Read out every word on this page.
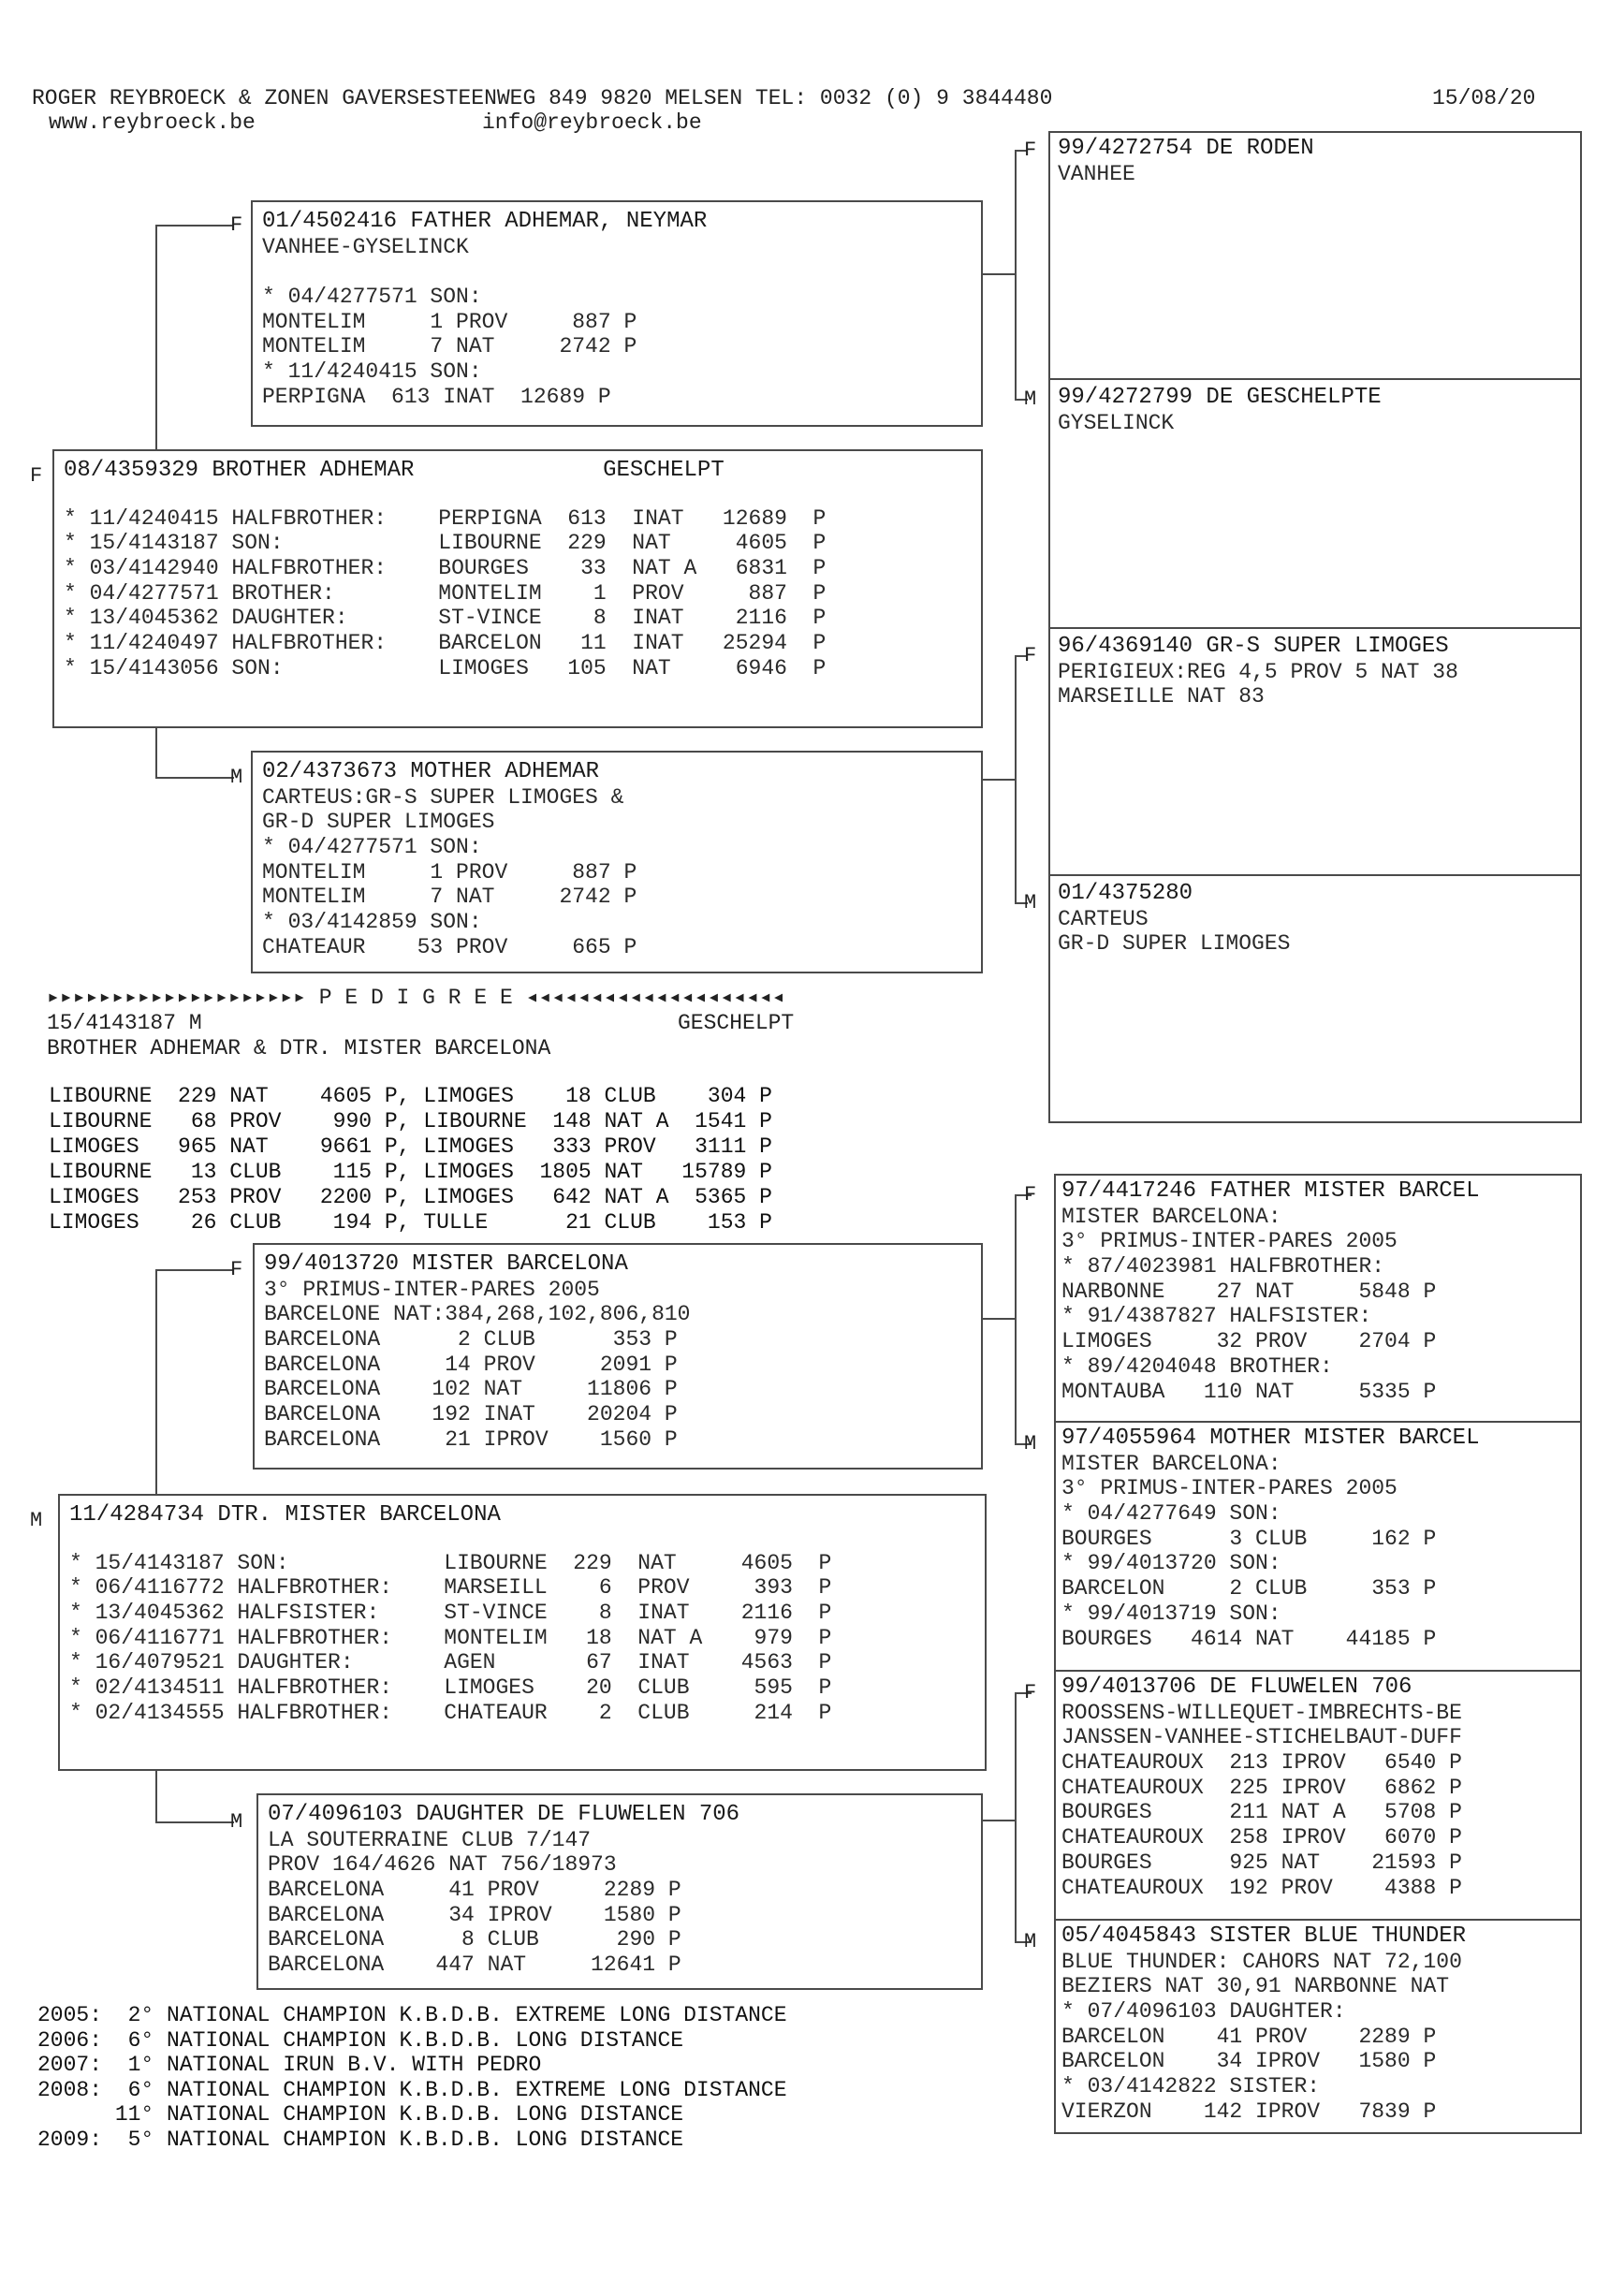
ROGER REYBROECK & ZONEN GAVERSESTEENWEG 849 9820 MELSEN TEL: 0032 (0) 9 3844480	15/08/20
www.reybroeck.be	info@reybroeck.be
F
M
F
F
M
F
M
F
M
M
F
M
F
M
01/4502416 FATHER ADHEMAR, NEYMAR
VANHEE-GYSELINCK

* 04/4277571 SON:
MONTELIM     1 PROV     887 P
MONTELIM     7 NAT     2742 P
* 11/4240415 SON:
PERPIGNA  613 INAT  12689 P
08/4359329 BROTHER ADHEMAR              GESCHELPT
* 11/4240415 HALFBROTHER:    PERPIGNA  613  INAT   12689  P
* 15/4143187 SON:            LIBOURNE  229  NAT     4605  P
* 03/4142940 HALFBROTHER:    BOURGES    33  NAT A   6831  P
* 04/4277571 BROTHER:        MONTELIM    1  PROV     887  P
* 13/4045362 DAUGHTER:       ST-VINCE    8  INAT    2116  P
* 11/4240497 HALFBROTHER:    BARCELON   11  INAT   25294  P
* 15/4143056 SON:            LIMOGES   105  NAT     6946  P
02/4373673 MOTHER ADHEMAR
CARTEUS:GR-S SUPER LIMOGES &
GR-D SUPER LIMOGES
* 04/4277571 SON:
MONTELIM     1 PROV     887 P
MONTELIM     7 NAT     2742 P
* 03/4142859 SON:
CHATEAUR    53 PROV     665 P
99/4272754 DE RODEN
VANHEE
99/4272799 DE GESCHELPTE
GYSELINCK
96/4369140 GR-S SUPER LIMOGES
PERIGIEUX:REG 4,5 PROV 5 NAT 38
MARSEILLE NAT 83
01/4375280
CARTEUS
GR-D SUPER LIMOGES
▸▸▸▸▸▸▸▸▸▸▸▸▸▸▸▸▸▸▸▸ P E D I G R E E ◂◂◂◂◂◂◂◂◂◂◂◂◂◂◂◂◂◂◂◂
15/4143187 M	GESCHELPT
BROTHER ADHEMAR & DTR. MISTER BARCELONA
LIBOURNE  229 NAT    4605 P, LIMOGES    18 CLUB    304 P
LIBOURNE   68 PROV    990 P, LIBOURNE  148 NAT A  1541 P
LIMOGES   965 NAT    9661 P, LIMOGES   333 PROV   3111 P
LIBOURNE   13 CLUB    115 P, LIMOGES  1805 NAT   15789 P
LIMOGES   253 PROV   2200 P, LIMOGES   642 NAT A  5365 P
LIMOGES    26 CLUB    194 P, TULLE      21 CLUB    153 P
99/4013720 MISTER BARCELONA
3° PRIMUS-INTER-PARES 2005
BARCELONE NAT:384,268,102,806,810
BARCELONA      2 CLUB      353 P
BARCELONA     14 PROV     2091 P
BARCELONA    102 NAT     11806 P
BARCELONA    192 INAT    20204 P
BARCELONA     21 IPROV    1560 P
11/4284734 DTR. MISTER BARCELONA
* 15/4143187 SON:            LIBOURNE  229  NAT     4605  P
* 06/4116772 HALFBROTHER:    MARSEILL    6  PROV     393  P
* 13/4045362 HALFSISTER:     ST-VINCE    8  INAT    2116  P
* 06/4116771 HALFBROTHER:    MONTELIM   18  NAT A    979  P
* 16/4079521 DAUGHTER:       AGEN       67  INAT    4563  P
* 02/4134511 HALFBROTHER:    LIMOGES    20  CLUB     595  P
* 02/4134555 HALFBROTHER:    CHATEAUR    2  CLUB     214  P
07/4096103 DAUGHTER DE FLUWELEN 706
LA SOUTERRAINE CLUB 7/147
PROV 164/4626 NAT 756/18973
BARCELONA     41 PROV     2289 P
BARCELONA     34 IPROV    1580 P
BARCELONA      8 CLUB      290 P
BARCELONA    447 NAT     12641 P
97/4417246 FATHER MISTER BARCEL
MISTER BARCELONA:
3° PRIMUS-INTER-PARES 2005
* 87/4023981 HALFBROTHER:
NARBONNE    27 NAT     5848 P
* 91/4387827 HALFSISTER:
LIMOGES     32 PROV    2704 P
* 89/4204048 BROTHER:
MONTAUBA   110 NAT     5335 P
97/4055964 MOTHER MISTER BARCEL
MISTER BARCELONA:
3° PRIMUS-INTER-PARES 2005
* 04/4277649 SON:
BOURGES      3 CLUB     162 P
* 99/4013720 SON:
BARCELON     2 CLUB     353 P
* 99/4013719 SON:
BOURGES   4614 NAT    44185 P
99/4013706 DE FLUWELEN 706
ROOSSENS-WILLEQUET-IMBRECHTS-BE
JANSSEN-VANHEE-STICHELBAUT-DUFF
CHATEAUROUX  213 IPROV   6540 P
CHATEAUROUX  225 IPROV   6862 P
BOURGES      211 NAT A   5708 P
CHATEAUROUX  258 IPROV   6070 P
BOURGES      925 NAT    21593 P
CHATEAUROUX  192 PROV    4388 P
05/4045843 SISTER BLUE THUNDER
BLUE THUNDER: CAHORS NAT 72,100
BEZIERS NAT 30,91 NARBONNE NAT
* 07/4096103 DAUGHTER:
BARCELON    41 PROV    2289 P
BARCELON    34 IPROV   1580 P
* 03/4142822 SISTER:
VIERZON    142 IPROV   7839 P
2005:  2° NATIONAL CHAMPION K.B.D.B. EXTREME LONG DISTANCE
2006:  6° NATIONAL CHAMPION K.B.D.B. LONG DISTANCE
2007:  1° NATIONAL IRUN B.V. WITH PEDRO
2008:  6° NATIONAL CHAMPION K.B.D.B. EXTREME LONG DISTANCE
11° NATIONAL CHAMPION K.B.D.B. LONG DISTANCE
2009:  5° NATIONAL CHAMPION K.B.D.B. LONG DISTANCE
